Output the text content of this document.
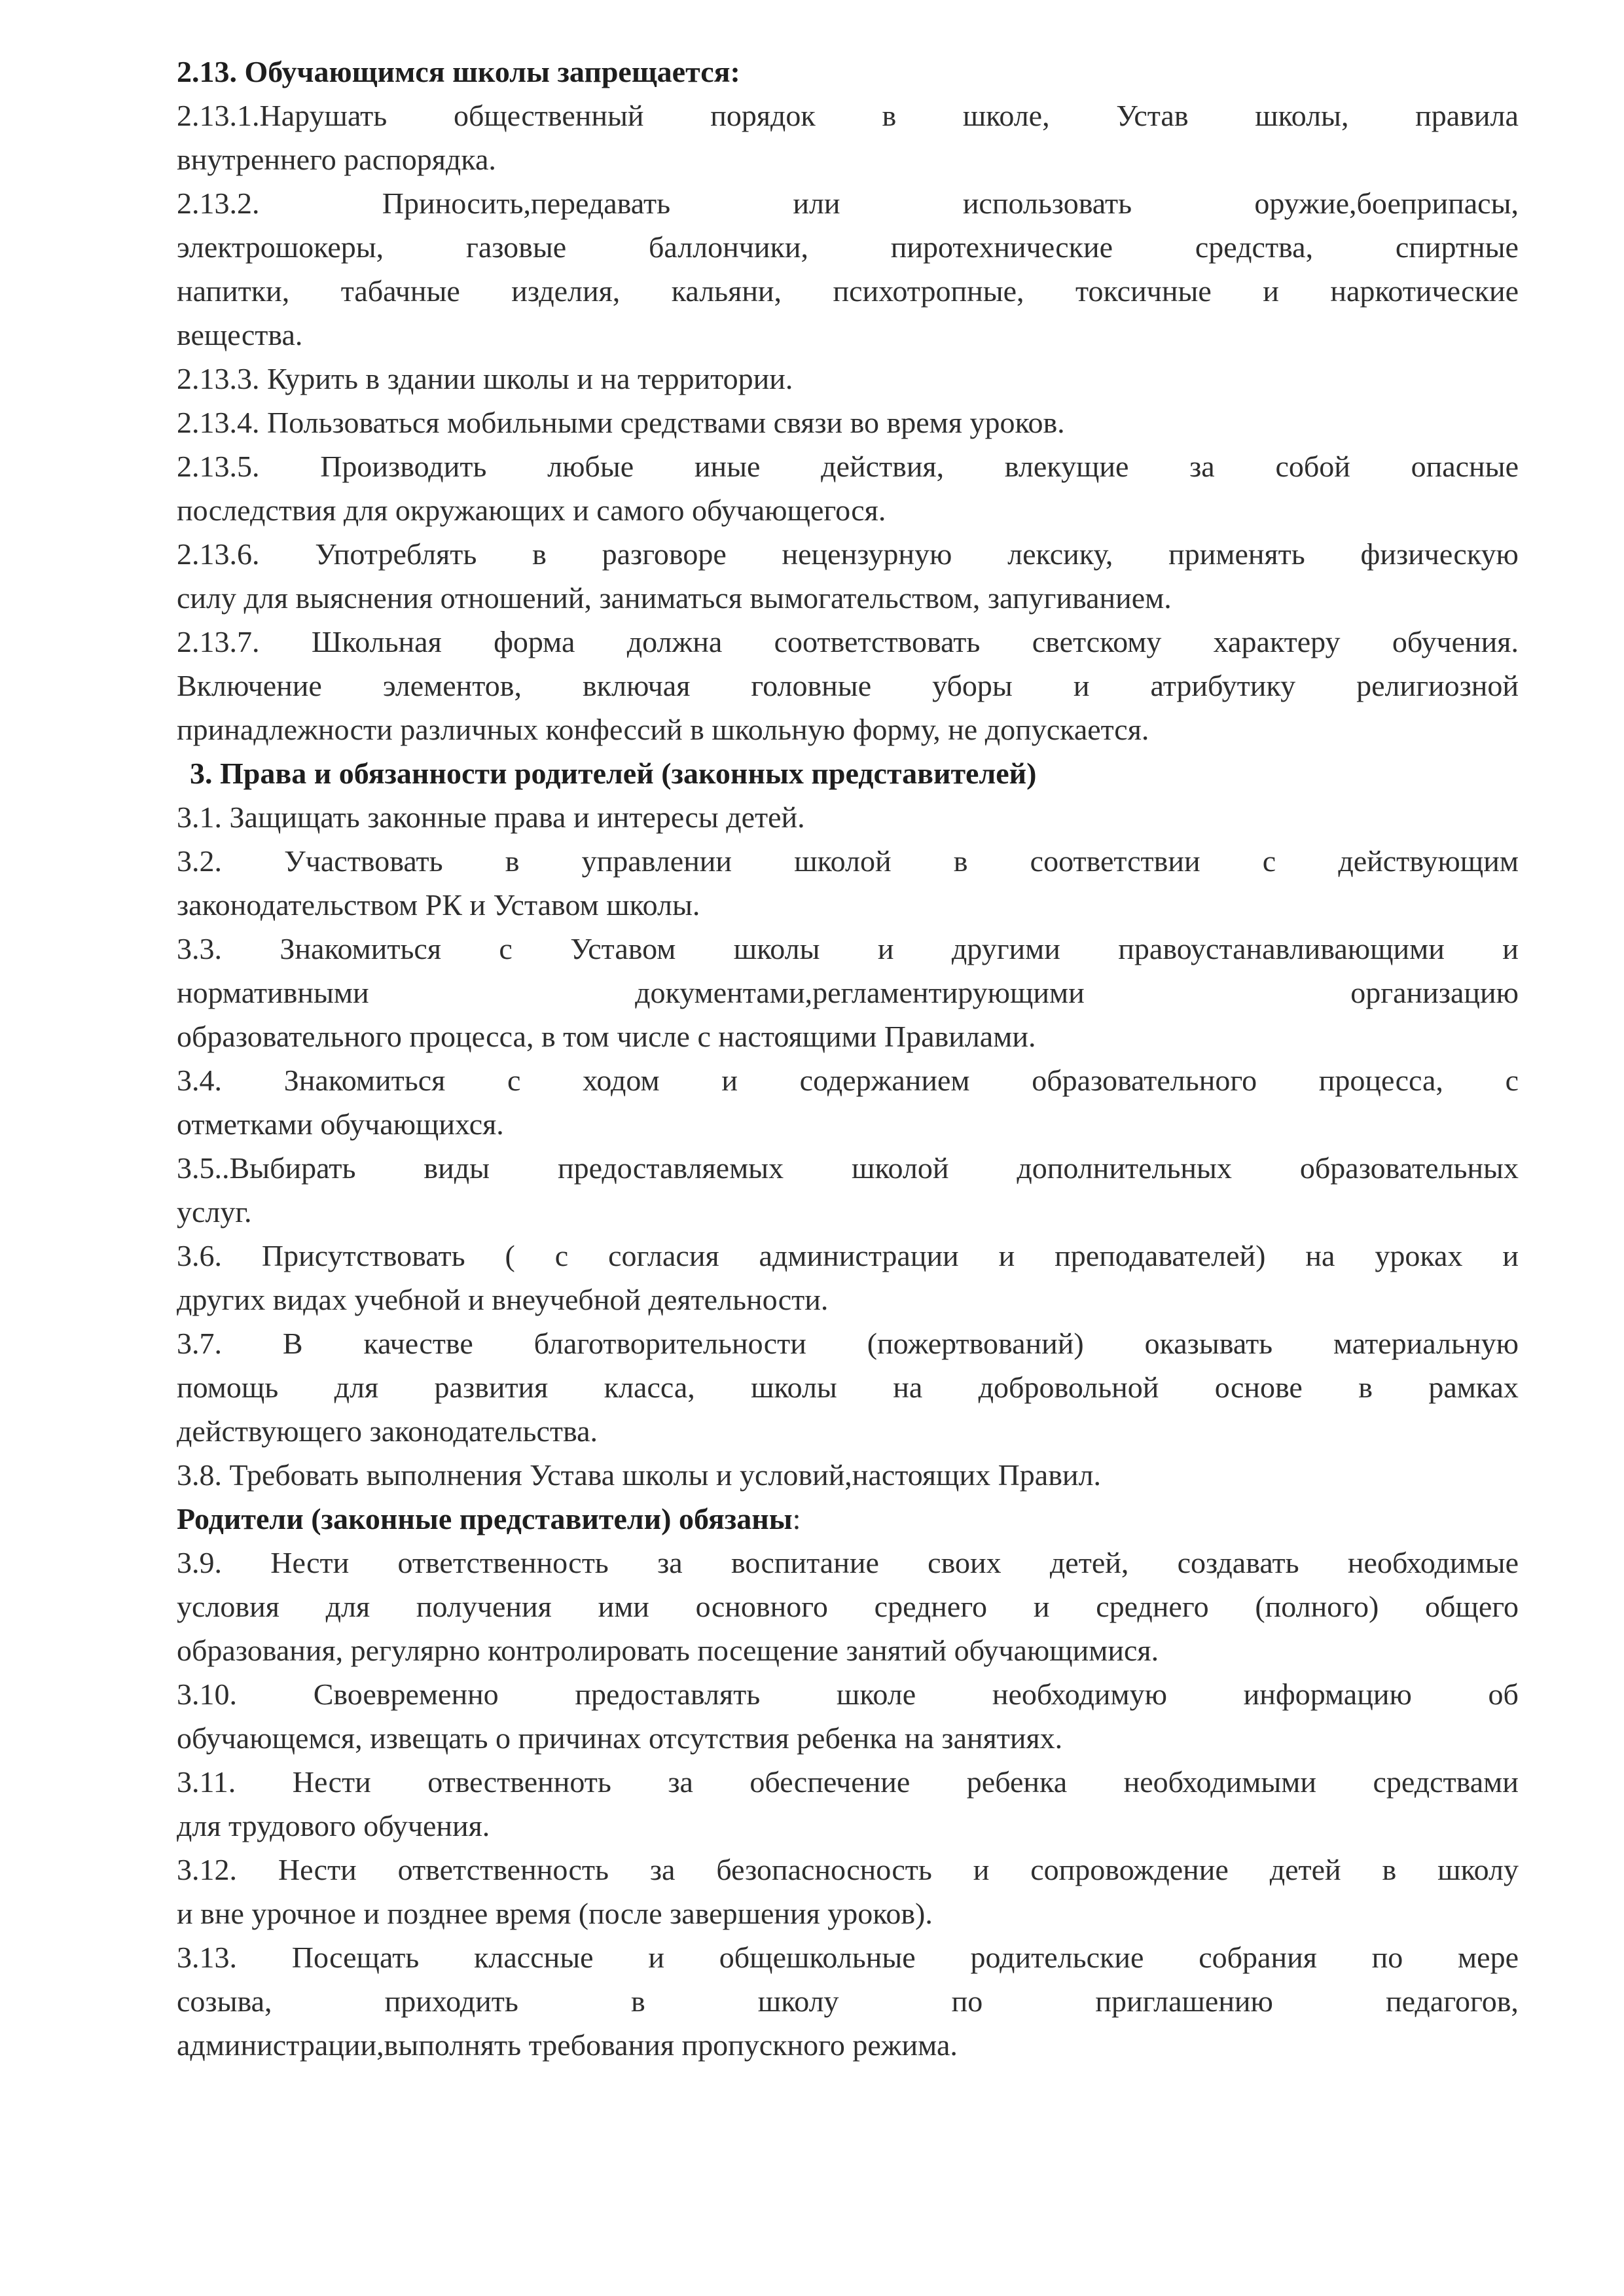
2.13. Обучающимся школы запрещается:
2.13.1.Нарушать общественный порядок в школе, Устав школы, правила
внутреннего распорядка.
2.13.2.	Приносить,передавать	или	использовать	оружие,боеприпасы,
электрошокеры,	газовые	баллончики,	пиротехнические	средства,	спиртные
напитки, табачные изделия, кальяни, психотропные, токсичные и наркотические
вещества.
2.13.3. Курить в здании школы и на территории.
2.13.4. Пользоваться мобильными средствами связи во время уроков.
2.13.5. Производить любые иные действия, влекущие за собой опасные
последствия для окружающих и самого обучающегося.
2.13.6. Употреблять в разговоре нецензурную лексику, применять физическую
силу для выяснения отношений, заниматься вымогательством, запугиванием.
2.13.7. Школьная форма должна соответствовать светскому характеру обучения.
Включение элементов, включая головные уборы и атрибутику религиозной
принадлежности различных конфессий в школьную форму, не допускается.
3. Права и обязанности родителей (законных представителей)
3.1. Защищать законные права и интересы детей.
3.2. Участвовать в управлении школой в соответствии с действующим
законодательством РК и Уставом школы.
3.3. Знакомиться с Уставом школы и другими правоустанавливающими и
нормативными	документами,регламентирующими	организацию
образовательного процесса, в том числе с настоящими Правилами.
3.4. Знакомиться с ходом и содержанием образовательного процесса, с
отметками обучающихся.
3.5..Выбирать виды предоставляемых школой дополнительных образовательных
услуг.
3.6. Присутствовать ( с согласия администрации и преподавателей) на уроках и
других видах учебной и внеучебной деятельности.
3.7. В качестве благотворительности (пожертвований) оказывать материальную
помощь для развития класса, школы на добровольной основе в рамках
действующего законодательства.
3.8. Требовать выполнения Устава школы и условий,настоящих Правил.
Родители (законные представители) обязаны:
3.9. Нести ответственность за воспитание своих детей, создавать необходимые
условия для получения ими основного среднего и среднего (полного) общего
образования, регулярно контролировать посещение занятий обучающимися.
3.10.	Своевременно	предоставлять	школе	необходимую	информацию	об
обучающемся, извещать о причинах отсутствия ребенка на занятиях.
3.11. Нести отвественноть за обеспечение ребенка необходимыми средствами
для трудового обучения.
3.12. Нести ответственность за безопасносность и сопровождение детей в школу
и вне урочное и позднее время (после завершения уроков).
3.13. Посещать классные и общешкольные родительские собрания по мере
созыва,	приходить	в	школу	по	приглашению	педагогов,
администрации,выполнять требования пропускного режима.
